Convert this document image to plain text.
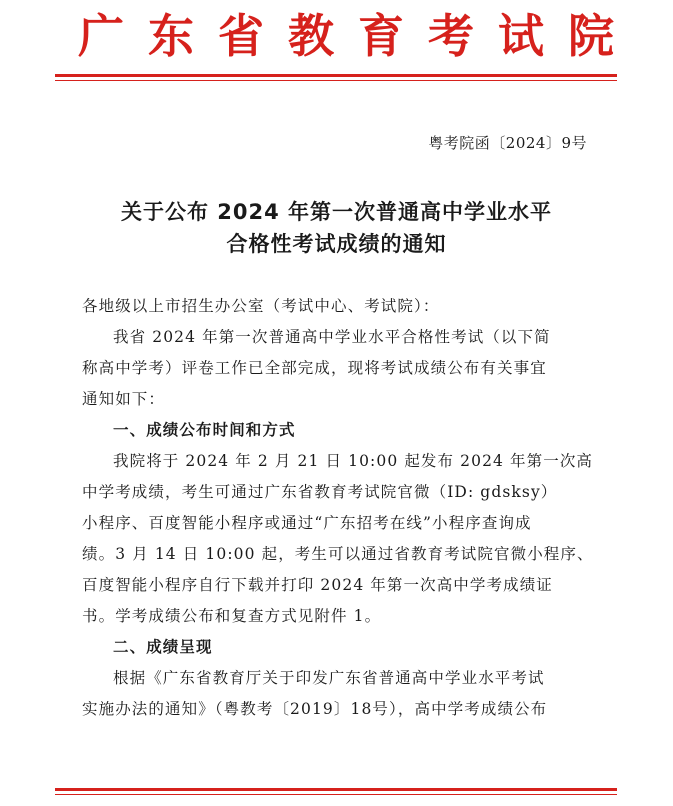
广东省教育考试院
粤考院函〔2024〕9号
关于公布 2024 年第一次普通高中学业水平
合格性考试成绩的通知
各地级以上市招生办公室（考试中心、考试院）：
我省 2024 年第一次普通高中学业水平合格性考试（以下简
称高中学考）评卷工作已全部完成，现将考试成绩公布有关事宜
通知如下：
一、成绩公布时间和方式
我院将于 2024 年 2 月 21 日 10:00 起发布 2024 年第一次高
中学考成绩，考生可通过广东省教育考试院官微（ID: gdsksy）
小程序、百度智能小程序或通过“广东招考在线”小程序查询成
绩。3 月 14 日 10:00 起，考生可以通过省教育考试院官微小程序、
百度智能小程序自行下载并打印 2024 年第一次高中学考成绩证
书。学考成绩公布和复查方式见附件 1。
二、成绩呈现
根据《广东省教育厅关于印发广东省普通高中学业水平考试
实施办法的通知》（粤教考〔2019〕18号），高中学考成绩公布
